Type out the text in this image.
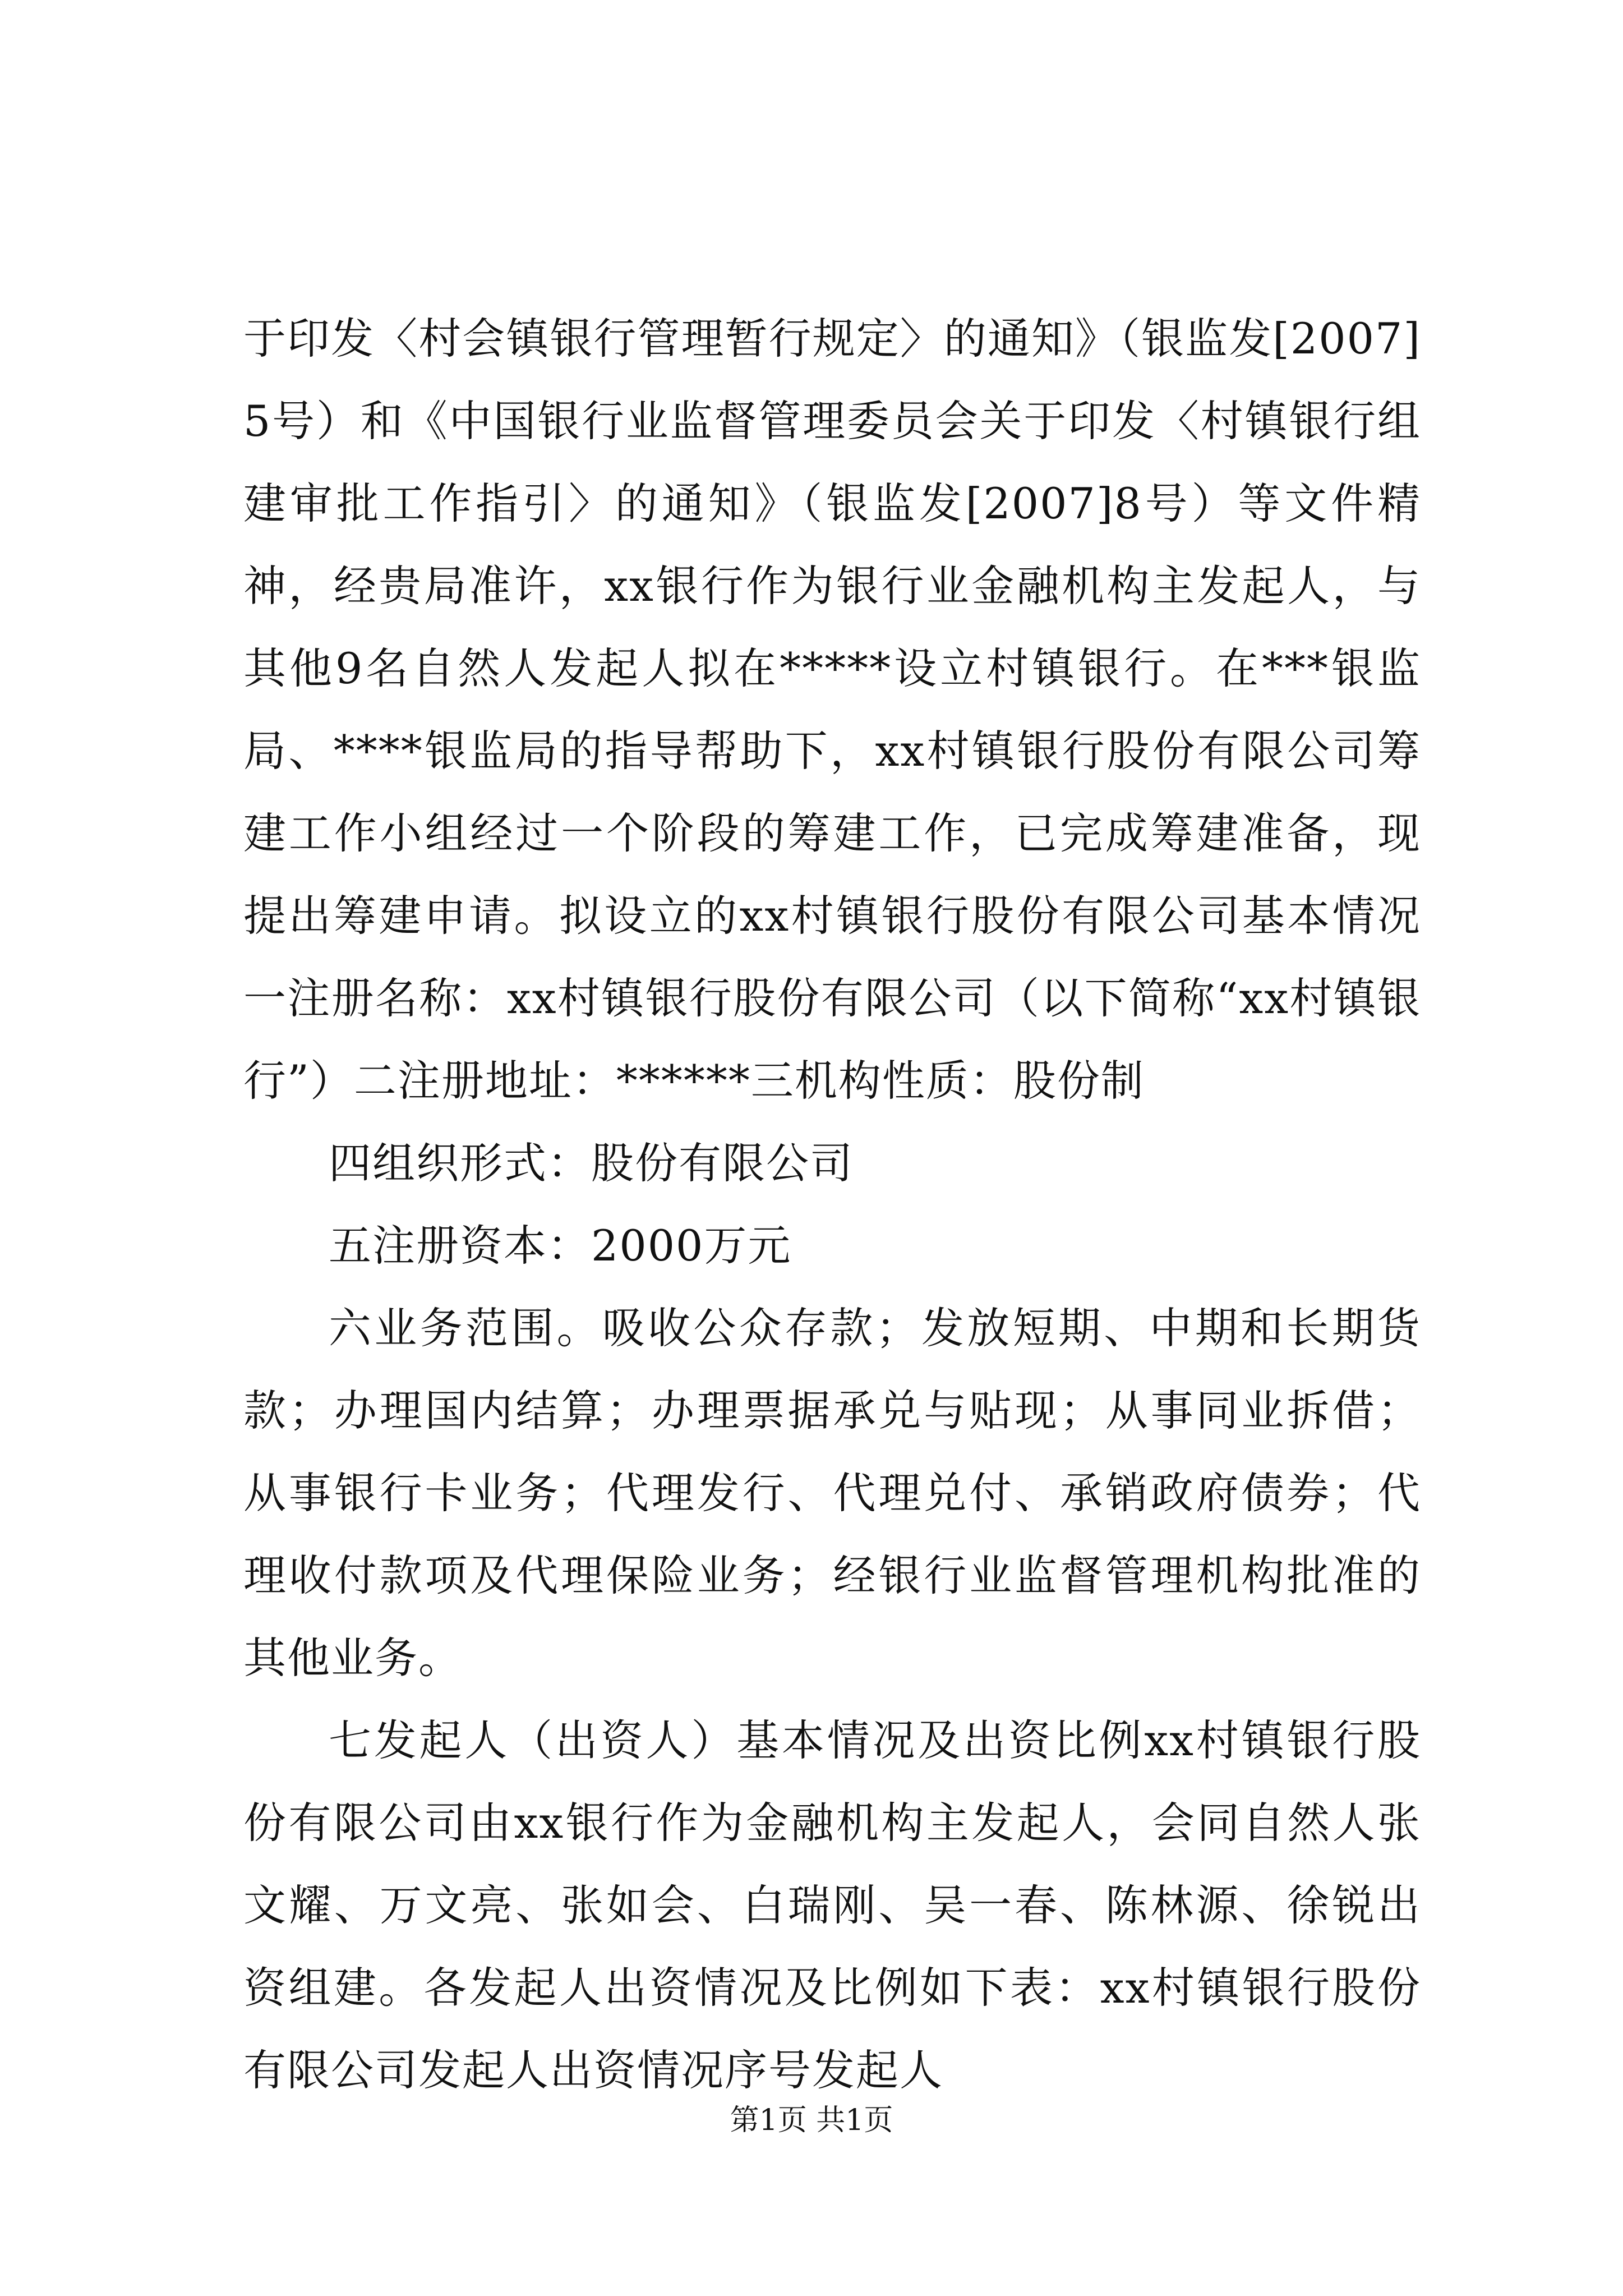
于印发〈村会镇银行管理暂行规定〉的通知》（银监发[2007]5号）和《中国银行业监督管理委员会关于印发〈村镇银行组建审批工作指引〉的通知》（银监发[2007]8号）等文件精神，经贵局准许，xx银行作为银行业金融机构主发起人，与其他9名自然人发起人拟在*****设立村镇银行。在***银监局、****银监局的指导帮助下，xx村镇银行股份有限公司筹建工作小组经过一个阶段的筹建工作，已完成筹建准备，现提出筹建申请。拟设立的xx村镇银行股份有限公司基本情况一注册名称：xx村镇银行股份有限公司（以下简称“xx村镇银行”）二注册地址：******三机构性质：股份制

四组织形式：股份有限公司

五注册资本：2000万元

六业务范围。吸收公众存款；发放短期、中期和长期货款；办理国内结算；办理票据承兑与贴现；从事同业拆借；从事银行卡业务；代理发行、代理兑付、承销政府债券；代理收付款项及代理保险业务；经银行业监督管理机构批准的其他业务。

七发起人（出资人）基本情况及出资比例xx村镇银行股份有限公司由xx银行作为金融机构主发起人，会同自然人张文耀、万文亮、张如会、白瑞刚、吴一春、陈林源、徐锐出资组建。各发起人出资情况及比例如下表：xx村镇银行股份有限公司发起人出资情况序号发起人

第1页 共1页
